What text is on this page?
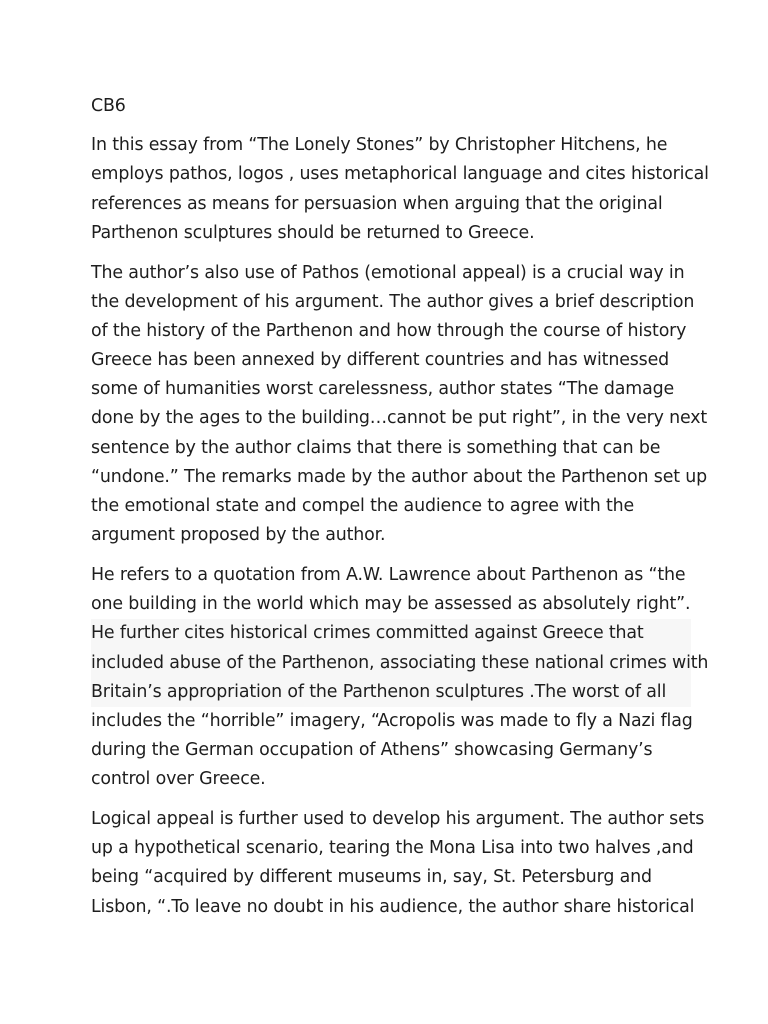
CB6
In this essay from “The Lonely Stones” by Christopher Hitchens, he
employs pathos, logos , uses metaphorical language and cites historical
references as means for persuasion when arguing that the original
Parthenon sculptures should be returned to Greece.
The author’s also use of Pathos (emotional appeal) is a crucial way in
the development of his argument. The author gives a brief description
of the history of the Parthenon and how through the course of history
Greece has been annexed by different countries and has witnessed
some of humanities worst carelessness, author states “The damage
done by the ages to the building…cannot be put right”, in the very next
sentence by the author claims that there is something that can be
“undone.” The remarks made by the author about the Parthenon set up
the emotional state and compel the audience to agree with the
argument proposed by the author.
He refers to a quotation from A.W. Lawrence about Parthenon as “the
one building in the world which may be assessed as absolutely right”.
He further cites historical crimes committed against Greece that
included abuse of the Parthenon, associating these national crimes with
Britain’s appropriation of the Parthenon sculptures .The worst of all
includes the “horrible” imagery, “Acropolis was made to fly a Nazi flag
during the German occupation of Athens” showcasing Germany’s
control over Greece.
Logical appeal is further used to develop his argument. The author sets
up a hypothetical scenario, tearing the Mona Lisa into two halves ,and
being “acquired by different museums in, say, St. Petersburg and
Lisbon, “.To leave no doubt in his audience, the author share historical
